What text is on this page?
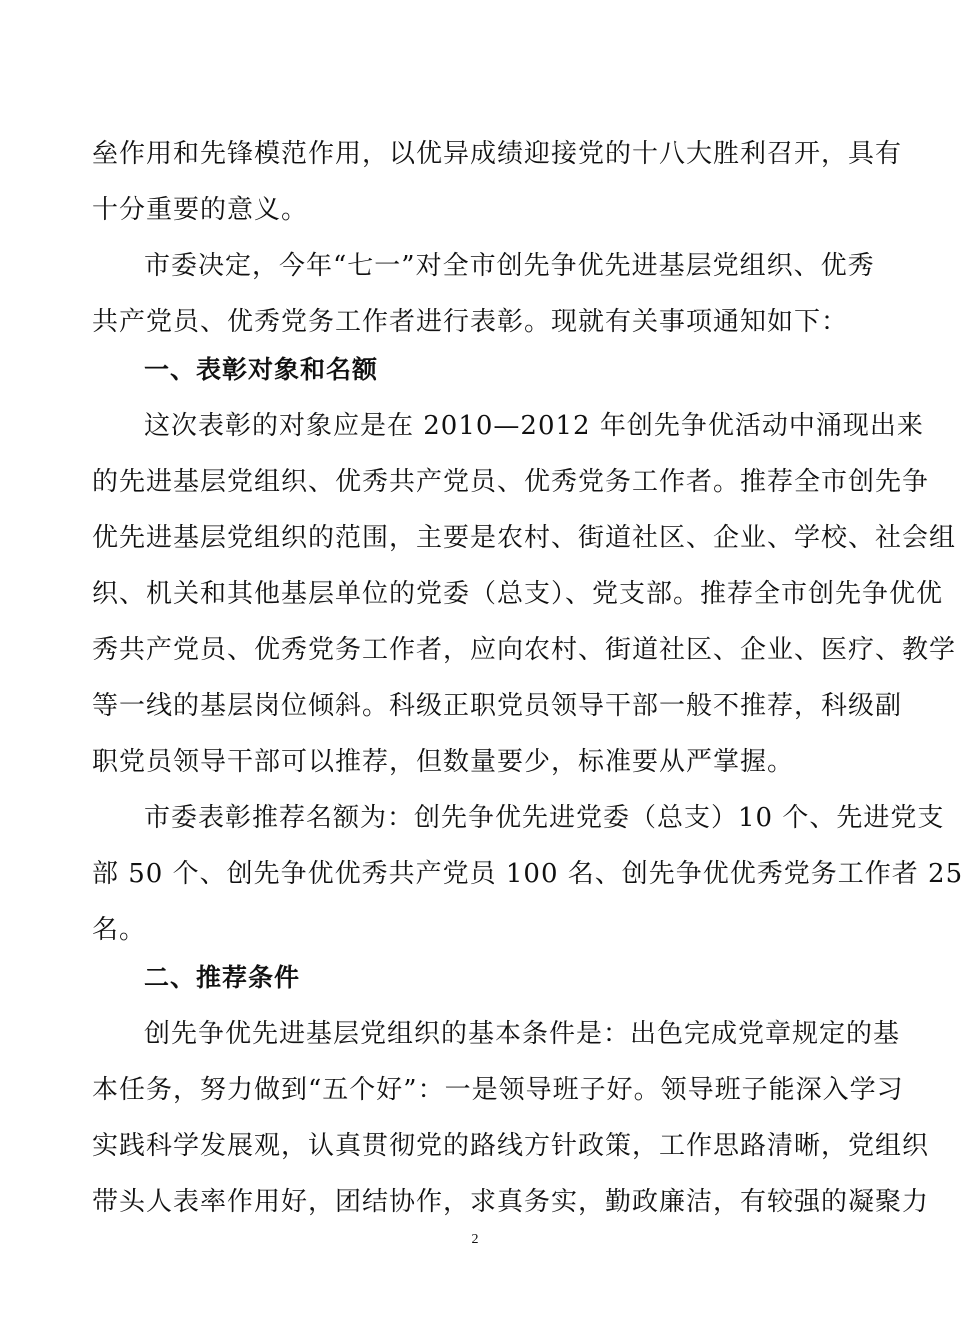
垒作用和先锋模范作用，以优异成绩迎接党的十八大胜利召开，具有
十分重要的意义。
市委决定，今年“七一”对全市创先争优先进基层党组织、优秀
共产党员、优秀党务工作者进行表彰。现就有关事项通知如下：
一、表彰对象和名额
这次表彰的对象应是在 2010—2012 年创先争优活动中涌现出来
的先进基层党组织、优秀共产党员、优秀党务工作者。推荐全市创先争
优先进基层党组织的范围，主要是农村、街道社区、企业、学校、社会组
织、机关和其他基层单位的党委（总支）、党支部。推荐全市创先争优优
秀共产党员、优秀党务工作者，应向农村、街道社区、企业、医疗、教学
等一线的基层岗位倾斜。科级正职党员领导干部一般不推荐，科级副
职党员领导干部可以推荐，但数量要少，标准要从严掌握。
市委表彰推荐名额为：创先争优先进党委（总支）10 个、先进党支
部 50 个、创先争优优秀共产党员 100 名、创先争优优秀党务工作者 25
名。
二、推荐条件
创先争优先进基层党组织的基本条件是：出色完成党章规定的基
本任务，努力做到“五个好”：一是领导班子好。领导班子能深入学习
实践科学发展观，认真贯彻党的路线方针政策，工作思路清晰，党组织
带头人表率作用好，团结协作，求真务实，勤政廉洁，有较强的凝聚力
2
